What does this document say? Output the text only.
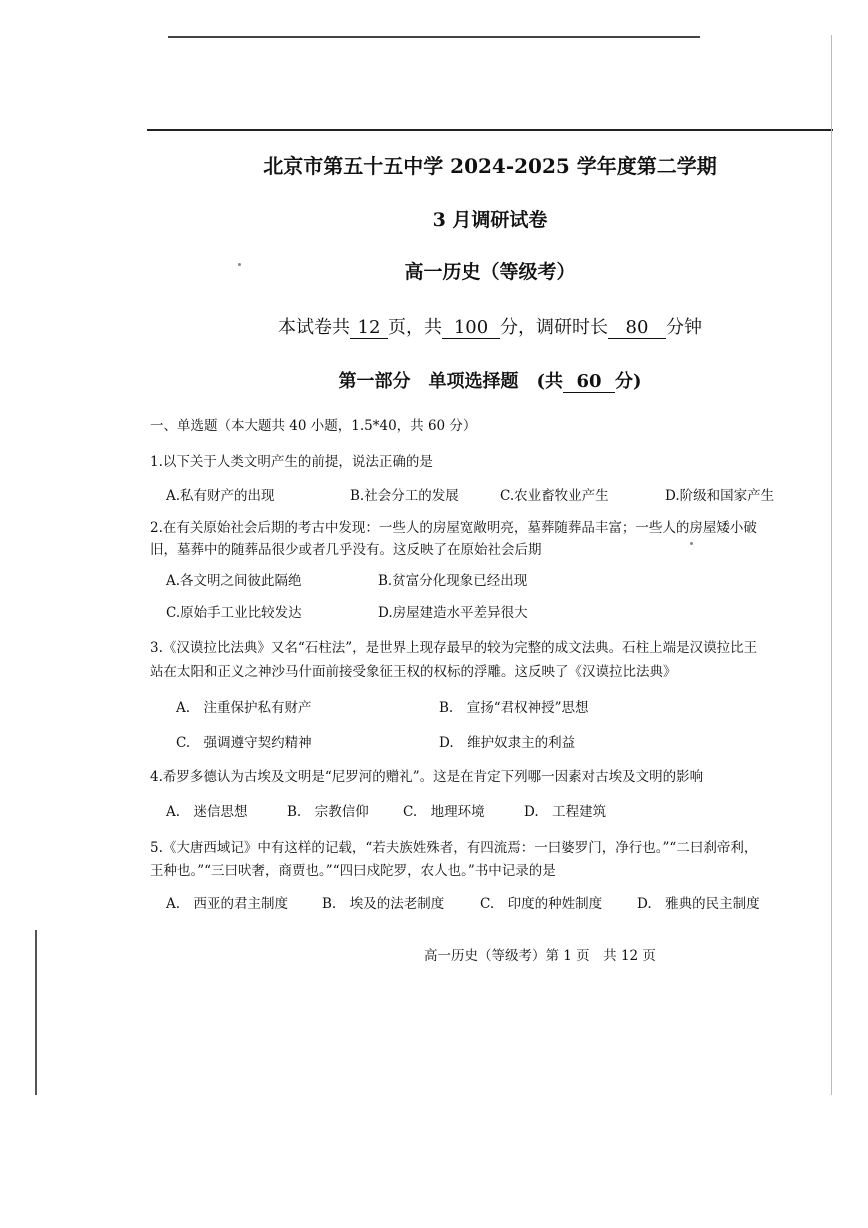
北京市第五十五中学 2024-2025 学年度第二学期
3 月调研试卷
高一历史（等级考）
本试卷共 12 页，共 100 分，调研时长 80 分钟
第一部分　单项选择题　(共 60 分)
一、单选题（本大题共 40 小题，1.5*40，共 60 分）
1.以下关于人类文明产生的前提，说法正确的是
A.私有财产的出现	B.社会分工的发展	C.农业畜牧业产生	D.阶级和国家产生
2.在有关原始社会后期的考古中发现：一些人的房屋宽敞明亮，墓葬随葬品丰富；一些人的房屋矮小破
旧，墓葬中的随葬品很少或者几乎没有。这反映了在原始社会后期
A.各文明之间彼此隔绝	B.贫富分化现象已经出现
C.原始手工业比较发达	D.房屋建造水平差异很大
3.《汉谟拉比法典》又名“石柱法”，是世界上现存最早的较为完整的成文法典。石柱上端是汉谟拉比王
站在太阳和正义之神沙马什面前接受象征王权的权标的浮雕。这反映了《汉谟拉比法典》
A.　注重保护私有财产	B.　宣扬“君权神授”思想
C.　强调遵守契约精神	D.　维护奴隶主的利益
4.希罗多德认为古埃及文明是“尼罗河的赠礼”。这是在肯定下列哪一因素对古埃及文明的影响
A.　迷信思想	B.　宗教信仰	C.　地理环境	D.　工程建筑
5.《大唐西域记》中有这样的记载，“若夫族姓殊者，有四流焉：一曰婆罗门，净行也。”“二曰刹帝利，
王种也。”“三曰吠奢，商贾也。”“四曰戍陀罗，农人也。”书中记录的是
A.　西亚的君主制度	B.　埃及的法老制度	C.　印度的种姓制度	D.　雅典的民主制度
高一历史（等级考）第 1 页　共 12 页
